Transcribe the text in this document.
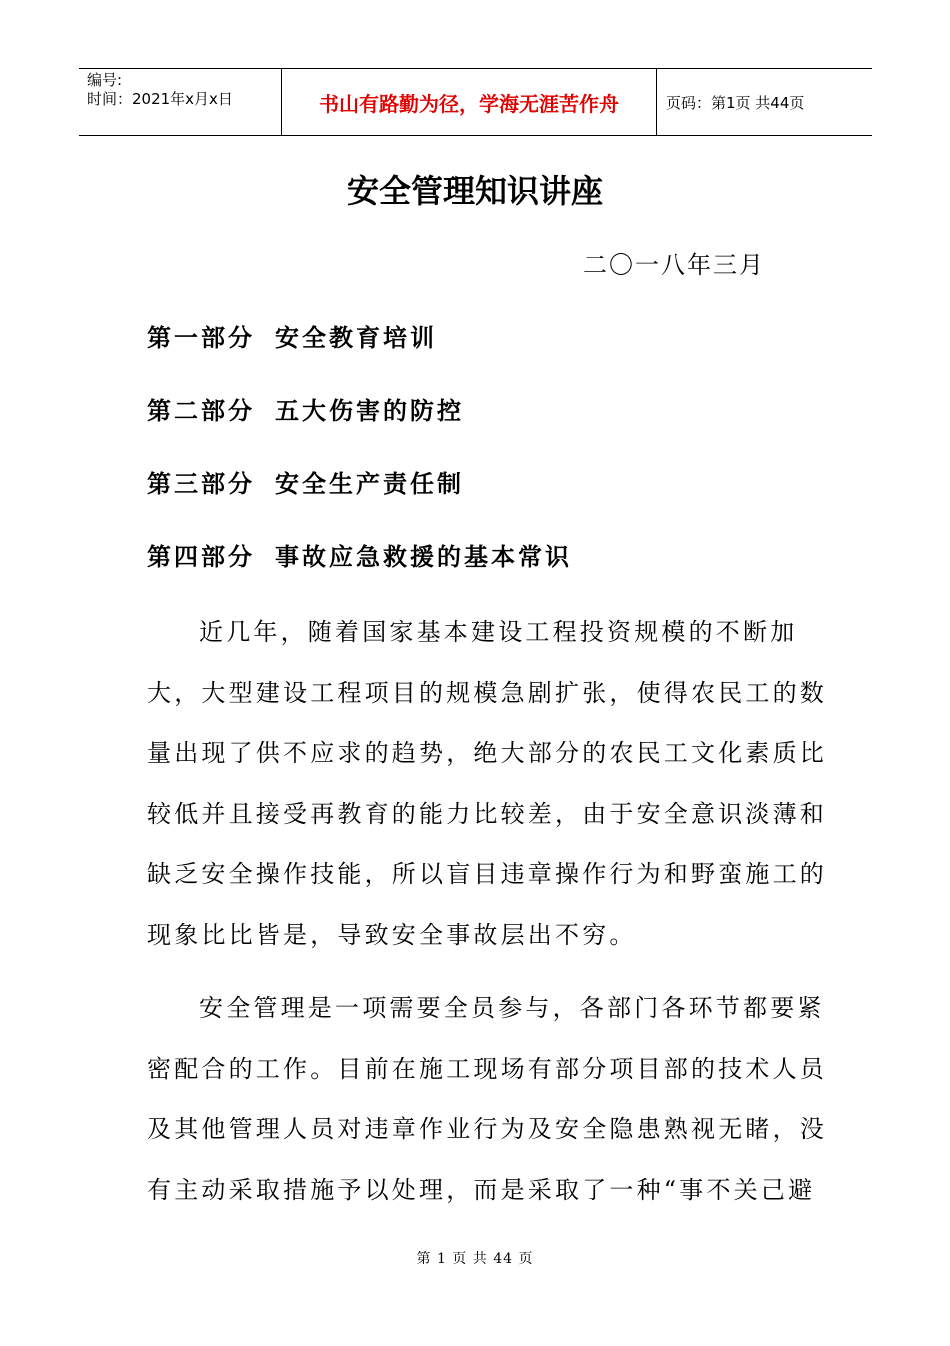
编号:
时间：2021年x月x日	书山有路勤为径，学海无涯苦作舟	页码：第1页 共44页
安全管理知识讲座
二〇一八年三月
第一部分 安全教育培训
第二部分 五大伤害的防控
第三部分 安全生产责任制
第四部分 事故应急救援的基本常识
近几年，随着国家基本建设工程投资规模的不断加大，大型建设工程项目的规模急剧扩张，使得农民工的数量出现了供不应求的趋势，绝大部分的农民工文化素质比较低并且接受再教育的能力比较差，由于安全意识淡薄和缺乏安全操作技能，所以盲目违章操作行为和野蛮施工的现象比比皆是，导致安全事故层出不穷。
安全管理是一项需要全员参与，各部门各环节都要紧密配合的工作。目前在施工现场有部分项目部的技术人员及其他管理人员对违章作业行为及安全隐患熟视无睹，没有主动采取措施予以处理，而是采取了一种“事不关己避
第 1 页 共 44 页
